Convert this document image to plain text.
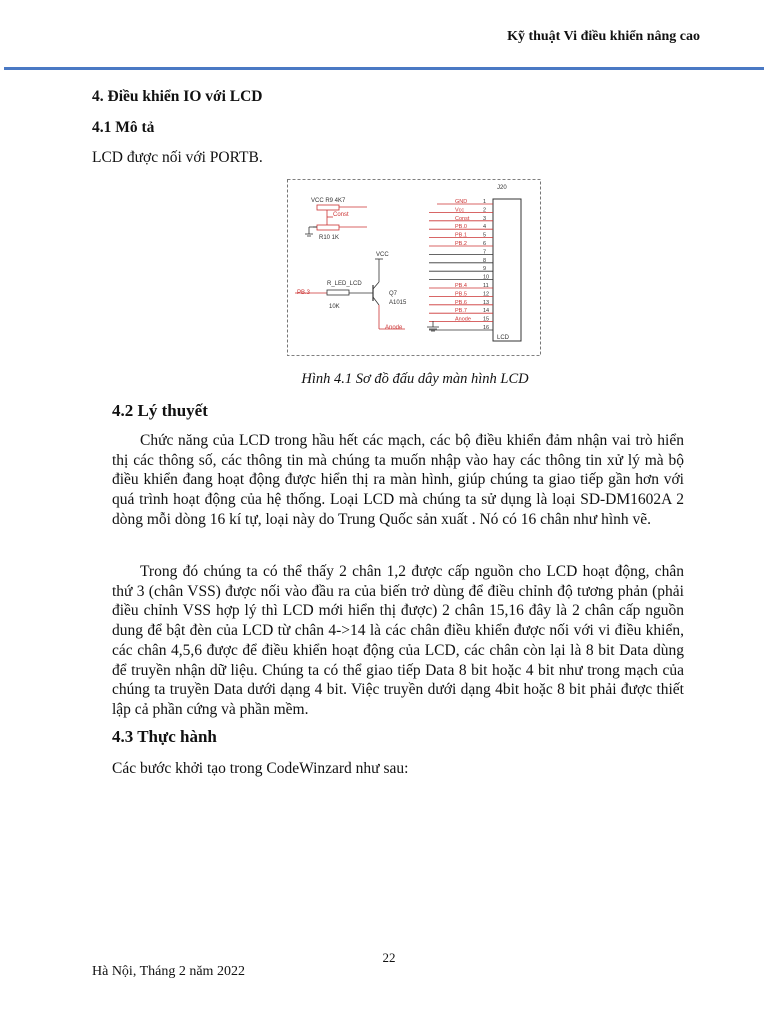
Kỹ thuật Vi điều khiển nâng cao
4. Điều khiển IO với LCD
4.1 Mô tả
LCD được nối với PORTB.
J20
LCD
GND	1
Vcc	2
Const 3
PB.0	4
PB.1	5
PB.2	6
7
8
9
10
PB.4	11
PB.5	12
PB.6	13
PB.7	14
Anode 15
16
VCC R9 4K7
Const
R10 1K
VCC
R_LED_LCD
PB.3
10K
Q7
A1015
Anode
Hình 4.1 Sơ đồ đấu dây màn hình LCD
4.2 Lý thuyết

Chức năng của LCD trong hầu hết các mạch, các bộ điều khiển đảm nhận vai trò hiển thị các thông số, các thông tin mà chúng ta muốn nhập vào hay các thông tin xử lý mà bộ điều khiển đang hoạt động được hiển thị ra màn hình, giúp chúng ta giao tiếp gần hơn với quá trình hoạt động của hệ thống. Loại LCD mà chúng ta sử dụng là loại SD-DM1602A 2 dòng mỗi dòng 16 kí tự, loại này do Trung Quốc sản xuất . Nó có 16 chân như hình vẽ.

Trong đó chúng ta có thể thấy 2 chân 1,2 được cấp nguồn cho LCD hoạt động, chân thứ 3 (chân VSS) được nối vào đầu ra của biến trở dùng để điều chỉnh độ tương phản (phải điều chỉnh VSS hợp lý thì LCD mới hiển thị được) 2 chân 15,16 đây là 2 chân cấp nguồn dung để bật đèn của LCD từ chân 4->14 là các chân điều khiển được nối với vi điều khiển, các chân 4,5,6 được để điều khiển hoạt động của LCD, các chân còn lại là 8 bit Data dùng để truyền nhận dữ liệu. Chúng ta có thể giao tiếp Data 8 bit hoặc 4 bit như trong mạch của chúng ta truyền Data dưới dạng 4 bit. Việc truyền dưới dạng 4bit hoặc 8 bit phải được thiết lập cả phần cứng và phần mềm.

4.3 Thực hành
Các bước khởi tạo trong CodeWinzard như sau:
22
Hà Nội, Tháng 2 năm 2022
